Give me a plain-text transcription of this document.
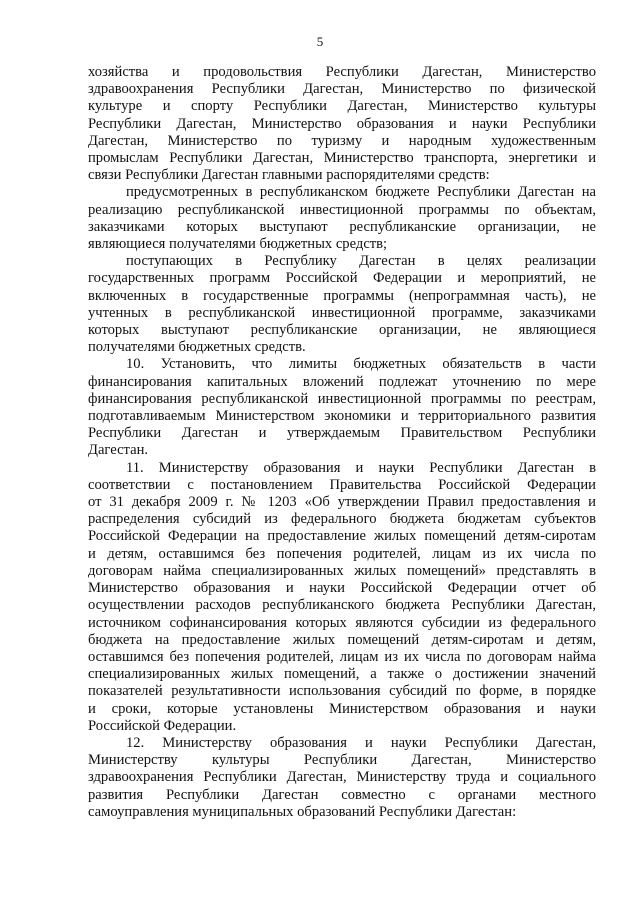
5
хозяйства и продовольствия Республики Дагестан, Министерство
здравоохранения Республики Дагестан, Министерство по физической
культуре и спорту Республики Дагестан, Министерство культуры
Республики Дагестан, Министерство образования и науки Республики
Дагестан, Министерство по туризму и народным художественным
промыслам Республики Дагестан, Министерство транспорта, энергетики и
связи Республики Дагестан главными распорядителями средств:
предусмотренных в республиканском бюджете Республики Дагестан на
реализацию республиканской инвестиционной программы по объектам,
заказчиками которых выступают республиканские организации, не
являющиеся получателями бюджетных средств;
поступающих в Республику Дагестан в целях реализации
государственных программ Российской Федерации и мероприятий, не
включенных в государственные программы (непрограммная часть), не
учтенных в республиканской инвестиционной программе, заказчиками
которых выступают республиканские организации, не являющиеся
получателями бюджетных средств.
10. Установить, что лимиты бюджетных обязательств в части
финансирования капитальных вложений подлежат уточнению по мере
финансирования республиканской инвестиционной программы по реестрам,
подготавливаемым Министерством экономики и территориального развития
Республики Дагестан и утверждаемым Правительством Республики
Дагестан.
11. Министерству образования и науки Республики Дагестан в
соответствии с постановлением Правительства Российской Федерации
от 31 декабря 2009 г. № 1203 «Об утверждении Правил предоставления и
распределения субсидий из федерального бюджета бюджетам субъектов
Российской Федерации на предоставление жилых помещений детям-сиротам
и детям, оставшимся без попечения родителей, лицам из их числа по
договорам найма специализированных жилых помещений» представлять в
Министерство образования и науки Российской Федерации отчет об
осуществлении расходов республиканского бюджета Республики Дагестан,
источником софинансирования которых являются субсидии из федерального
бюджета на предоставление жилых помещений детям-сиротам и детям,
оставшимся без попечения родителей, лицам из их числа по договорам найма
специализированных жилых помещений, а также о достижении значений
показателей результативности использования субсидий по форме, в порядке
и сроки, которые установлены Министерством образования и науки
Российской Федерации.
12. Министерству образования и науки Республики Дагестан,
Министерству культуры Республики Дагестан, Министерство
здравоохранения Республики Дагестан, Министерству труда и социального
развития Республики Дагестан совместно с органами местного
самоуправления муниципальных образований Республики Дагестан:
